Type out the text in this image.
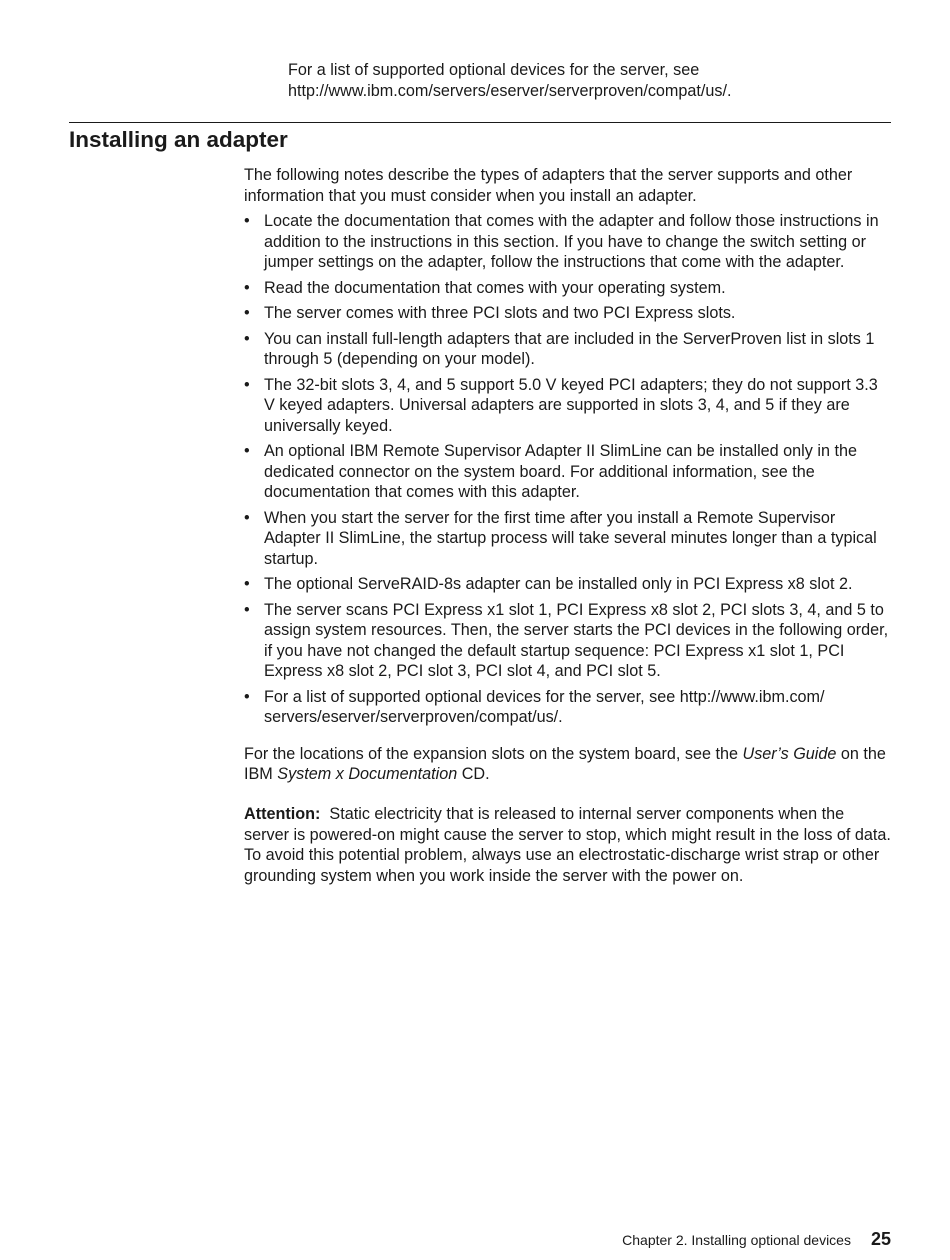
For a list of supported optional devices for the server, see
http://www.ibm.com/servers/eserver/serverproven/compat/us/.
Installing an adapter

The following notes describe the types of adapters that the server supports and other information that you must consider when you install an adapter.

• Locate the documentation that comes with the adapter and follow those instructions in addition to the instructions in this section. If you have to change the switch setting or jumper settings on the adapter, follow the instructions that come with the adapter.
• Read the documentation that comes with your operating system.
• The server comes with three PCI slots and two PCI Express slots.
• You can install full-length adapters that are included in the ServerProven list in slots 1 through 5 (depending on your model).
• The 32-bit slots 3, 4, and 5 support 5.0 V keyed PCI adapters; they do not support 3.3 V keyed adapters. Universal adapters are supported in slots 3, 4, and 5 if they are universally keyed.
• An optional IBM Remote Supervisor Adapter II SlimLine can be installed only in the dedicated connector on the system board. For additional information, see the documentation that comes with this adapter.
• When you start the server for the first time after you install a Remote Supervisor Adapter II SlimLine, the startup process will take several minutes longer than a typical startup.
• The optional ServeRAID-8s adapter can be installed only in PCI Express x8 slot 2.
• The server scans PCI Express x1 slot 1, PCI Express x8 slot 2, PCI slots 3, 4, and 5 to assign system resources. Then, the server starts the PCI devices in the following order, if you have not changed the default startup sequence: PCI Express x1 slot 1, PCI Express x8 slot 2, PCI slot 3, PCI slot 4, and PCI slot 5.
• For a list of supported optional devices for the server, see http://www.ibm.com/ servers/eserver/serverproven/compat/us/.

For the locations of the expansion slots on the system board, see the User’s Guide on the IBM System x Documentation CD.

Attention: Static electricity that is released to internal server components when the server is powered-on might cause the server to stop, which might result in the loss of data. To avoid this potential problem, always use an electrostatic-discharge wrist strap or other grounding system when you work inside the server with the power on.

Chapter 2. Installing optional devices 25
